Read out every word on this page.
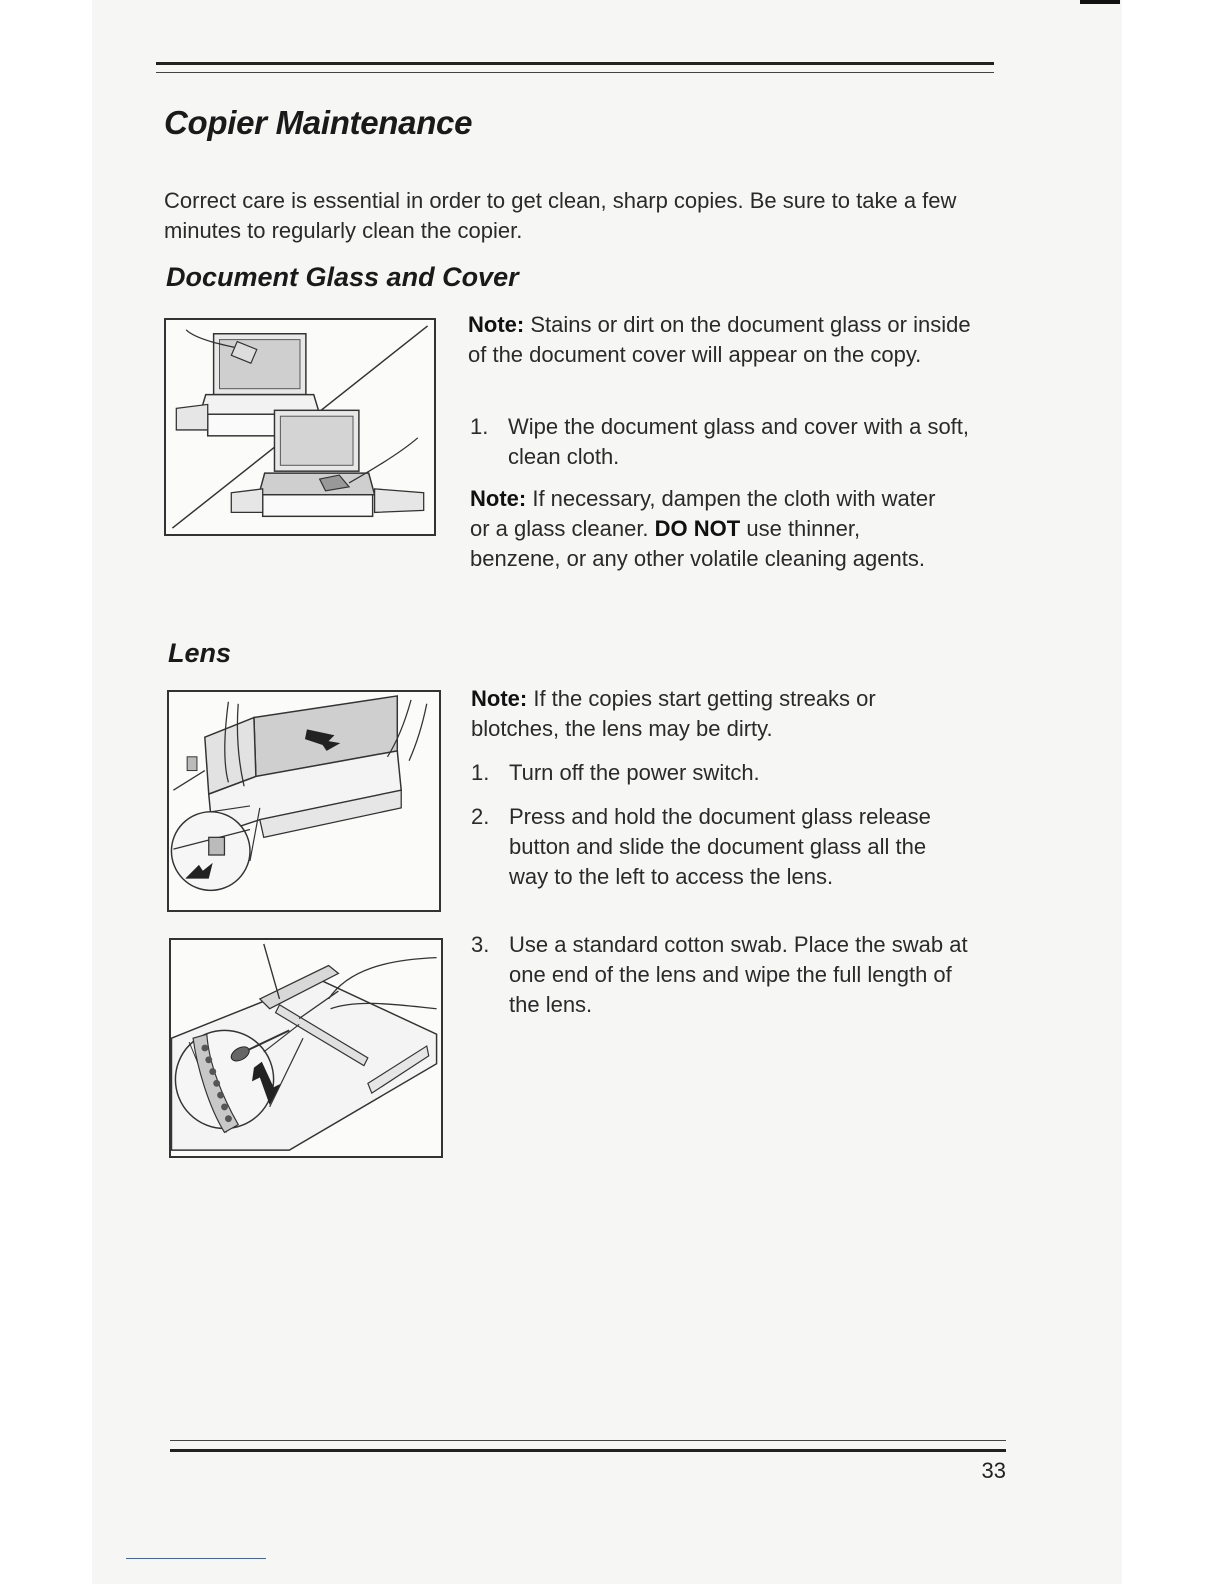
Copier Maintenance

Correct care is essential in order to get clean, sharp copies. Be sure to take a few minutes to regularly clean the copier.

Document Glass and Cover

Note: Stains or dirt on the document glass or inside of the document cover will appear on the copy.

1. Wipe the document glass and cover with a soft, clean cloth.

Note: If necessary, dampen the cloth with water or a glass cleaner. DO NOT use thinner, benzene, or any other volatile cleaning agents.

Lens

Note: If the copies start getting streaks or blotches, the lens may be dirty.

1. Turn off the power switch.
2. Press and hold the document glass release button and slide the document glass all the way to the left to access the lens.
3. Use a standard cotton swab. Place the swab at one end of the lens and wipe the full length of the lens.
33
